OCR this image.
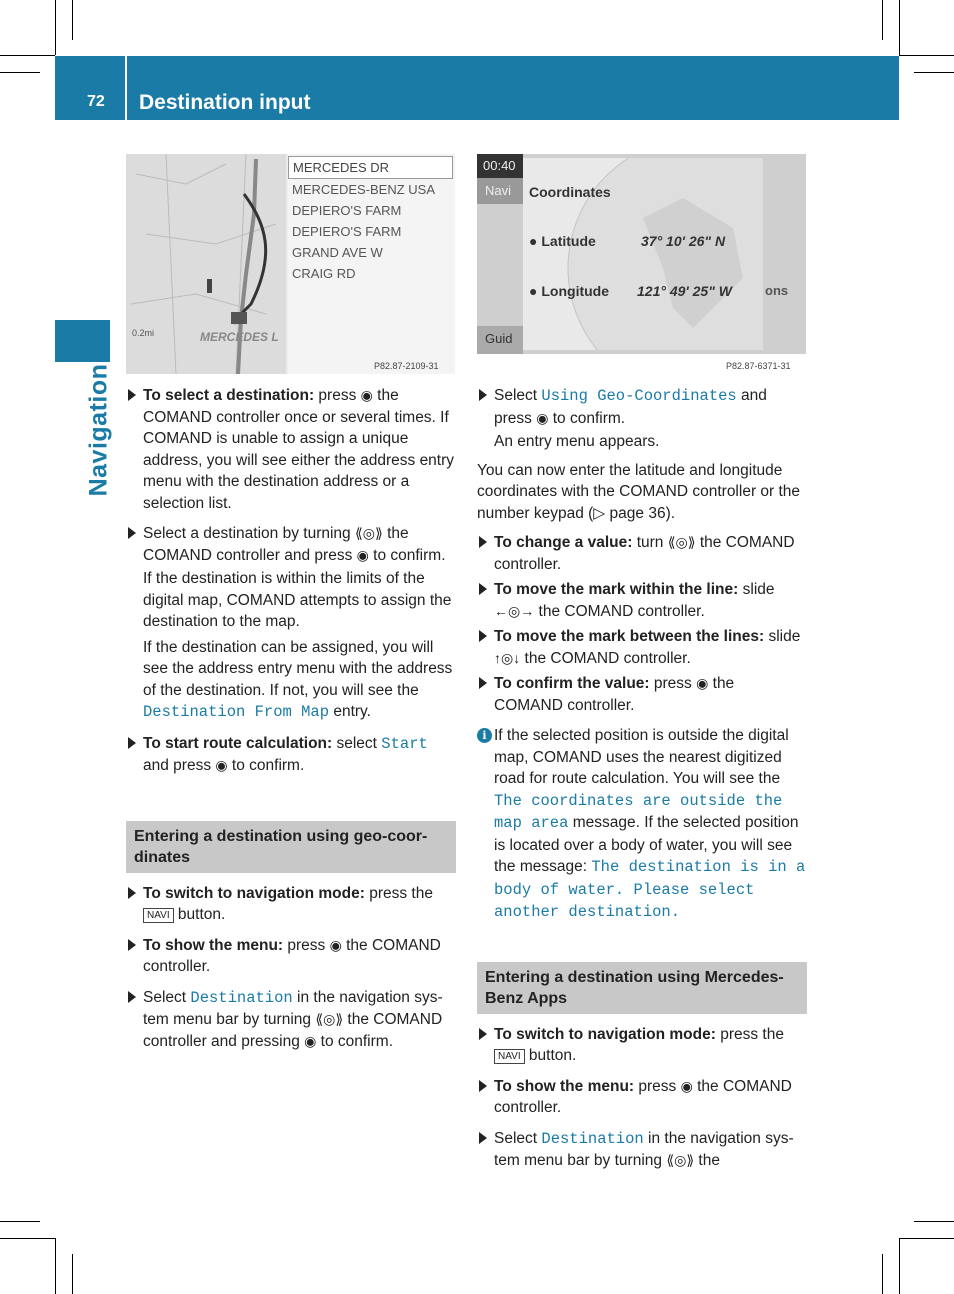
72 Destination input
Navigation
0.2mi	MERCEDES L
MERCEDES DR
MERCEDES-BENZ USA
DEPIERO'S FARM
DEPIERO'S FARM
GRAND AVE W
CRAIG RD
P82.87-2109-31
00:40
Navi	Coordinates
● Latitude	37° 10' 26" N
● Longitude 121° 49' 25" W	ons
Guid
P82.87-6371-31
To select a destination: press ◉ the COMAND controller once or several times. If COMAND is unable to assign a unique address, you will see either the address entry menu with the destination address or a selection list.
Select a destination by turning ⟪◎⟫ the COMAND controller and press ◉ to confirm.
If the destination is within the limits of the digital map, COMAND attempts to assign the destination to the map.
If the destination can be assigned, you will see the address entry menu with the address of the destination. If not, you will see the Destination From Map entry.
To start route calculation: select Start and press ◉ to confirm.
Entering a destination using geo-coordinates
To switch to navigation mode: press the NAVI button.
To show the menu: press ◉ the COMAND controller.
Select Destination in the navigation system menu bar by turning ⟪◎⟫ the COMAND controller and pressing ◉ to confirm.
Select Using Geo-Coordinates and press ◉ to confirm.
An entry menu appears.
You can now enter the latitude and longitude coordinates with the COMAND controller or the number keypad (▷ page 36).
To change a value: turn ⟪◎⟫ the COMAND controller.
To move the mark within the line: slide ←◎→ the COMAND controller.
To move the mark between the lines: slide ↑◎↓ the COMAND controller.
To confirm the value: press ◉ the COMAND controller.
i If the selected position is outside the digital map, COMAND uses the nearest digitized road for route calculation. You will see the The coordinates are outside the map area message. If the selected position is located over a body of water, you will see the message: The destination is in a body of water. Please select another destination.
Entering a destination using Mercedes-Benz Apps
To switch to navigation mode: press the NAVI button.
To show the menu: press ◉ the COMAND controller.
Select Destination in the navigation system menu bar by turning ⟪◎⟫ the
